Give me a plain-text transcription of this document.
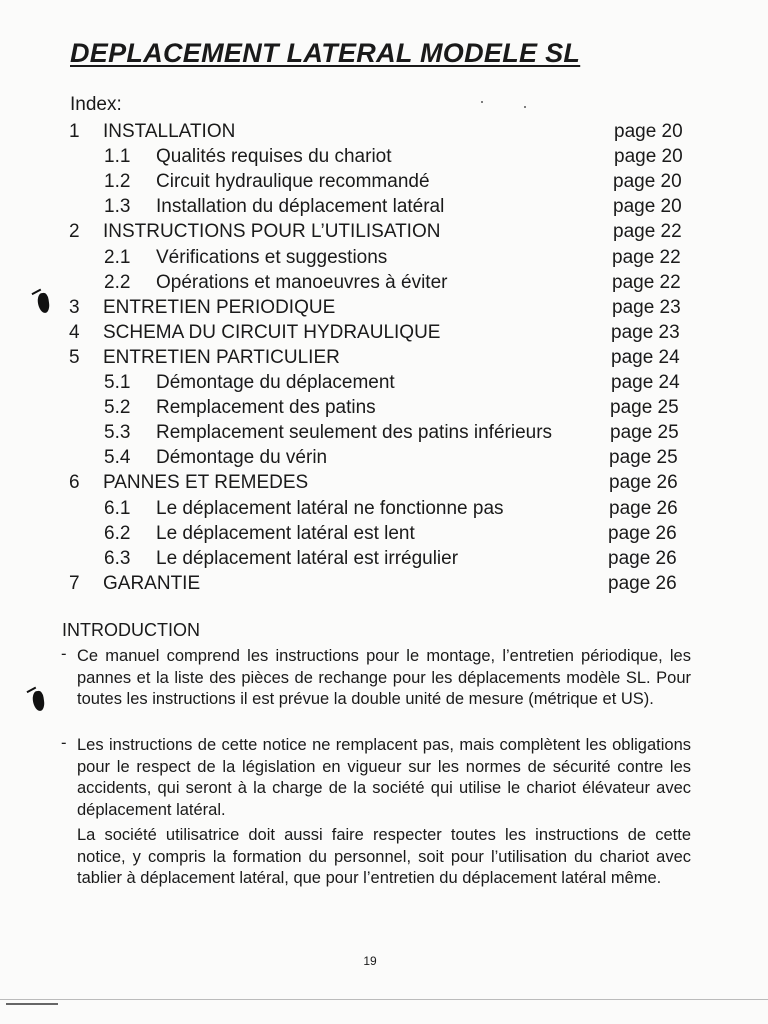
DEPLACEMENT LATERAL MODELE SL
Index:
1 INSTALLATION	page 20
1.1 Qualités requises du chariot	page 20
1.2 Circuit hydraulique recommandé	page 20
1.3 Installation du déplacement latéral	page 20
2 INSTRUCTIONS POUR L’UTILISATION	page 22
2.1 Vérifications et suggestions	page 22
2.2 Opérations et manoeuvres à éviter	page 22
3 ENTRETIEN PERIODIQUE	page 23
4 SCHEMA DU CIRCUIT HYDRAULIQUE	page 23
5 ENTRETIEN PARTICULIER	page 24
5.1 Démontage du déplacement	page 24
5.2 Remplacement des patins	page 25
5.3 Remplacement seulement des patins inférieurs	page 25
5.4 Démontage du vérin	page 25
6 PANNES ET REMEDES	page 26
6.1 Le déplacement latéral ne fonctionne pas	page 26
6.2 Le déplacement latéral est lent	page 26
6.3 Le déplacement latéral est irrégulier	page 26
7 GARANTIE	page 26
INTRODUCTION
- Ce manuel comprend les instructions pour le montage, l’entretien périodique, les pannes et la liste des pièces de rechange pour les déplacements modèle SL. Pour toutes les instructions il est prévue la double unité de mesure (métrique et US).

- Les instructions de cette notice ne remplacent pas, mais complètent les obligations pour le respect de la législation en vigueur sur les normes de sécurité contre les accidents, qui seront à la charge de la société qui utilise le chariot élévateur avec déplacement latéral.

La société utilisatrice doit aussi faire respecter toutes les instructions de cette notice, y compris la formation du personnel, soit pour l’utilisation du chariot avec tablier à déplacement latéral, que pour l’entretien du déplacement latéral même.

19
